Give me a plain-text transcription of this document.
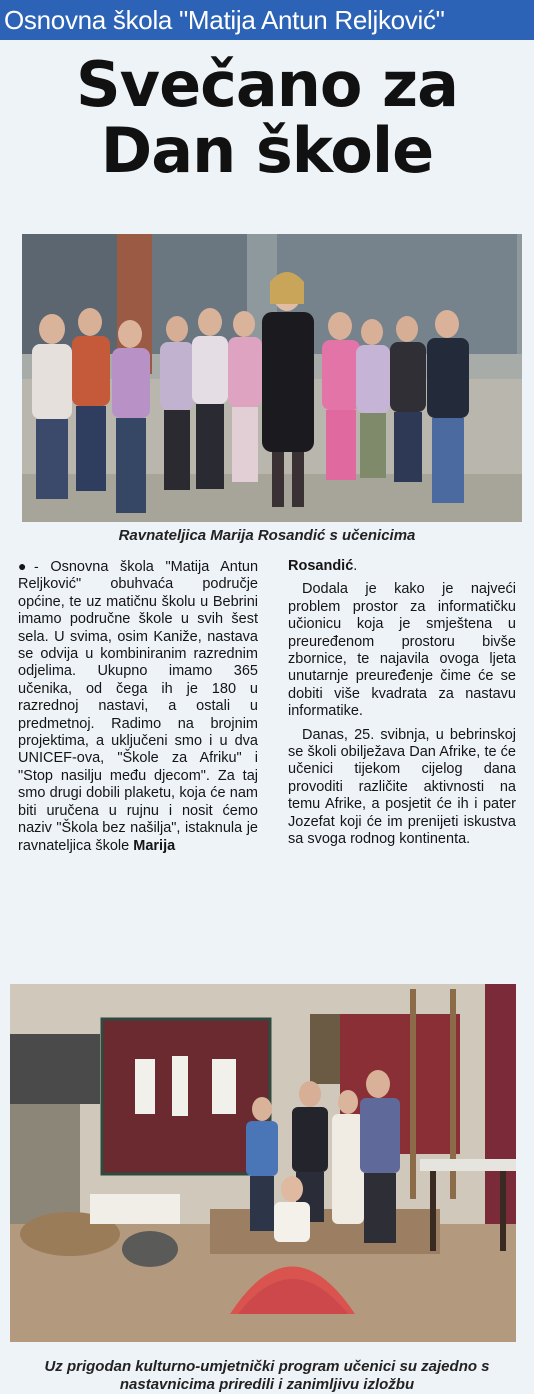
Osnovna škola "Matija Antun Reljković"
Svečano za
Dan škole
Ravnateljica Marija Rosandić s učenicima

●- Osnovna škola "Matija Antun Reljković" obuhvaća područje općine, te uz matičnu školu u Bebrini imamo područne škole u svih šest sela. U svima, osim Kaniže, nastava se odvija u kombiniranim razrednim odjelima. Ukupno imamo 365 učenika, od čega ih je 180 u razrednoj nastavi, a ostali u predmetnoj. Radimo na brojnim projektima, a uključeni smo i u dva UNICEF-ova, "Škole za Afriku" i "Stop nasilju među djecom". Za taj smo drugi dobili plaketu, koja će nam biti uručena u rujnu i nosit ćemo naziv "Škola bez našilja", istaknula je ravnateljica škole Marija

Rosandić.

Dodala je kako je najveći problem prostor za informatičku učionicu koja je smještena u preuređenom prostoru bivše zbornice, te najavila ovoga ljeta unutarnje preuređenje čime će se dobiti više kvadrata za nastavu informatike.

Danas, 25. svibnja, u bebrinskoj se školi obilježava Dan Afrike, te će učenici tijekom cijelog dana provoditi različite aktivnosti na temu Afrike, a posjetit će ih i pater Jozefat koji će im prenijeti iskustva sa svoga rodnog kontinenta.

Uz prigodan kulturno-umjetnički program učenici su zajedno s nastavnicima priredili i zanimljivu izložbu
